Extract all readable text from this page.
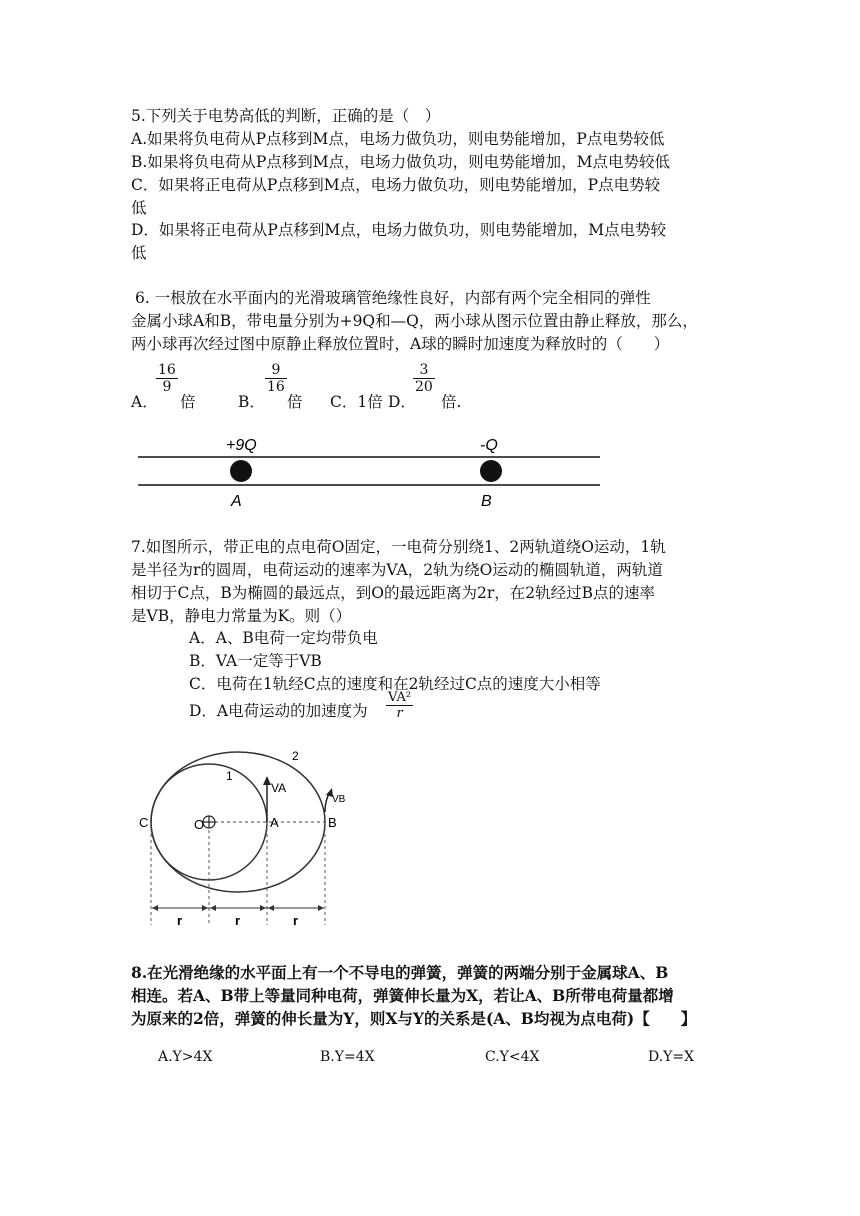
5.下列关于电势高低的判断，正确的是（　）
A.如果将负电荷从P点移到M点，电场力做负功，则电势能增加，P点电势较低
B.如果将负电荷从P点移到M点，电场力做负功，则电势能增加，M点电势较低
C．如果将正电荷从P点移到M点，电场力做负功，则电势能增加，P点电势较
低
D．如果将正电荷从P点移到M点，电场力做负功，则电势能增加，M点电势较
低
6. 一根放在水平面内的光滑玻璃管绝缘性良好，内部有两个完全相同的弹性
金属小球A和B，带电量分别为+9Q和—Q，两小球从图示位置由静止释放，那么，
两小球再次经过图中原静止释放位置时，A球的瞬时加速度为释放时的（　　）
A．
16
9
倍	B．
9
16
倍 C．1倍 D．
3
20
倍.
+9Q	-Q
A	B
7.如图所示，带正电的点电荷O固定，一电荷分别绕1、2两轨道绕O运动，1轨
是半径为r的圆周，电荷运动的速率为VA，2轨为绕O运动的椭圆轨道，两轨道
相切于C点，B为椭圆的最远点，到O的最远距离为2r，在2轨经过B点的速率
是VB，静电力常量为K。则（）
A．A、B电荷一定均带负电
B．VA一定等于VB
C．电荷在1轨经C点的速度和在2轨经过C点的速度大小相等
D．A电荷运动的加速度为
VA²
r
C	O	A	B
1
2
VA
VB
r	r	r
8.在光滑绝缘的水平面上有一个不导电的弹簧，弹簧的两端分别于金属球A、B
相连。若A、B带上等量同种电荷，弹簧伸长量为X，若让A、B所带电荷量都增
为原来的2倍，弹簧的伸长量为Y，则X与Y的关系是(A、B均视为点电荷)【　　】
A.Y>4X	B.Y=4X	C.Y<4X	D.Y=X
